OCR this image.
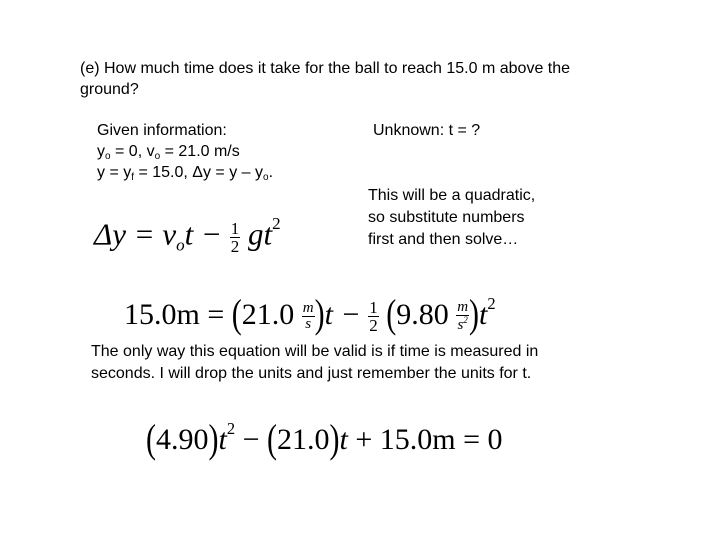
(e) How much time does it take for the ball to reach 15.0 m above the
ground?
Given information:
$y_o = 0$, $v_o = 21.0$ m/s
$y = y_f = 15.0$, $\Delta y = y - y_o$.
Unknown: t = ?
This will be a quadratic,
so substitute numbers
first and then solve…
Δy = vot − $\frac{1}{2} gt^2$
$15.0m = (21.0 \frac{m}{s} )t - \frac{1}{2} (9.80 \frac{m}{s^2} )t^2$
The only way this equation will be valid is if time is measured in
seconds. I will drop the units and just remember the units for t.
$(4.90)t^2 - (21.0)t + 15.0m = 0$
